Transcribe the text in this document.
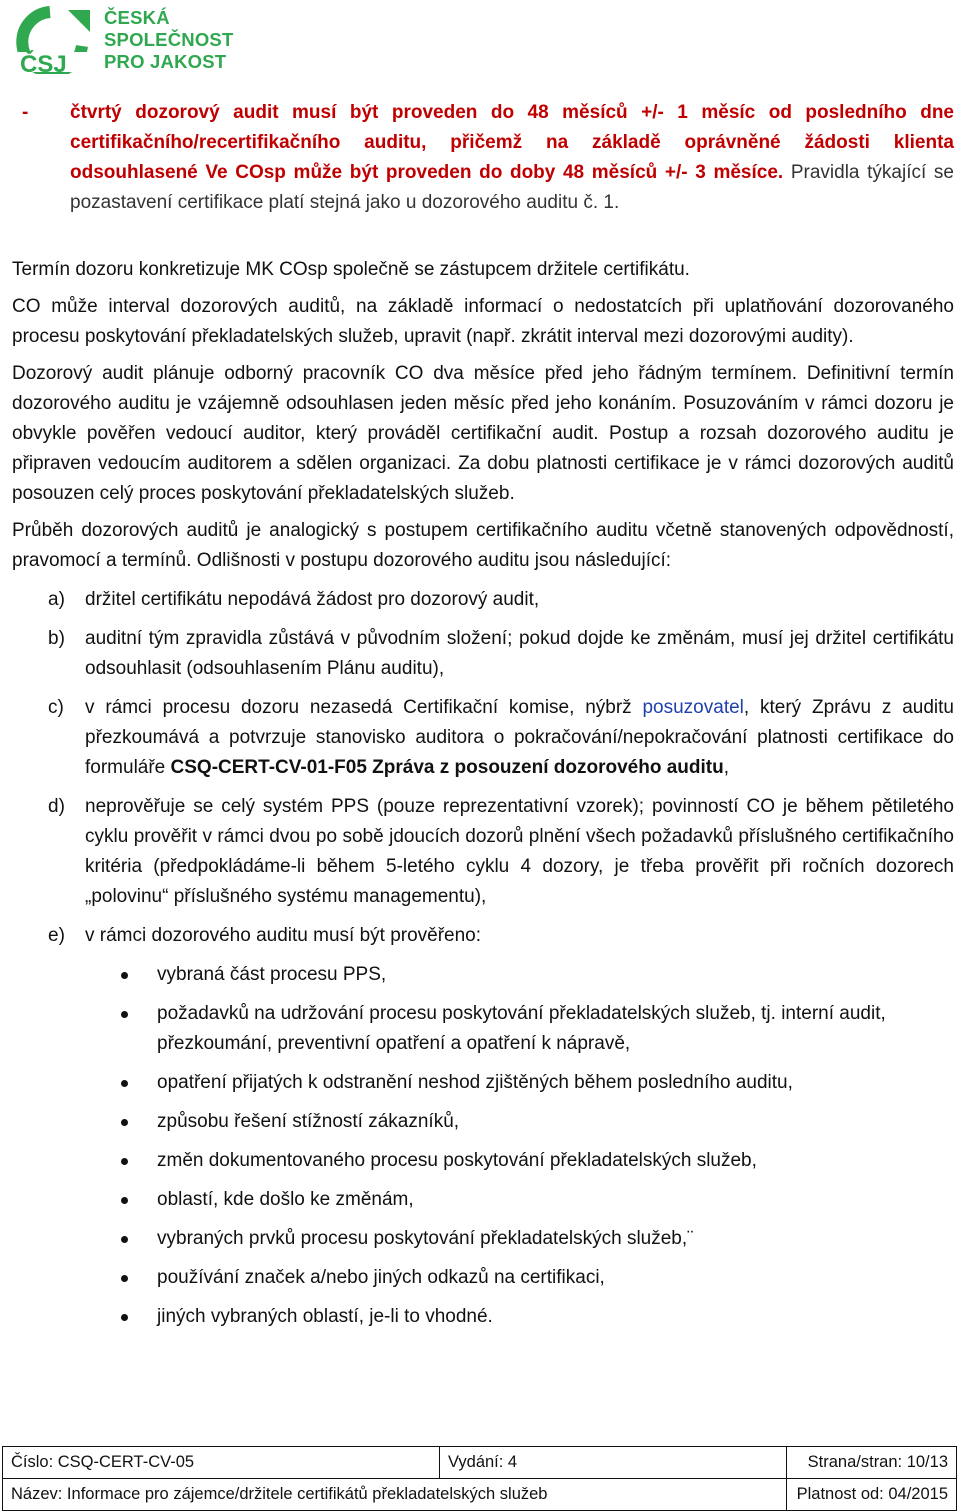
ČSJ
ČESKÁ
SPOLEČNOST
PRO JAKOST
- čtvrtý dozorový audit musí být proveden do 48 měsíců +/- 1 měsíc od posledního dne certifikačního/recertifikačního auditu, přičemž na základě oprávněné žádosti klienta odsouhlasené Ve COsp může být proveden do doby 48 měsíců +/- 3 měsíce. Pravidla týkající se pozastavení certifikace platí stejná jako u dozorového auditu č. 1.

Termín dozoru konkretizuje MK COsp společně se zástupcem držitele certifikátu.

CO může interval dozorových auditů, na základě informací o nedostatcích při uplatňování dozorovaného procesu poskytování překladatelských služeb, upravit (např. zkrátit interval mezi dozorovými audity).

Dozorový audit plánuje odborný pracovník CO dva měsíce před jeho řádným termínem. Definitivní termín dozorového auditu je vzájemně odsouhlasen jeden měsíc před jeho konáním. Posuzováním v rámci dozoru je obvykle pověřen vedoucí auditor, který prováděl certifikační audit. Postup a rozsah dozorového auditu je připraven vedoucím auditorem a sdělen organizaci. Za dobu platnosti certifikace je v rámci dozorových auditů posouzen celý proces poskytování překladatelských služeb.

Průběh dozorových auditů je analogický s postupem certifikačního auditu včetně stanovených odpovědností, pravomocí a termínů. Odlišnosti v postupu dozorového auditu jsou následující:

a) držitel certifikátu nepodává žádost pro dozorový audit,
b) auditní tým zpravidla zůstává v původním složení; pokud dojde ke změnám, musí jej držitel certifikátu odsouhlasit (odsouhlasením Plánu auditu),
c) v rámci procesu dozoru nezasedá Certifikační komise, nýbrž posuzovatel, který Zprávu z auditu přezkoumává a potvrzuje stanovisko auditora o pokračování/nepokračování platnosti certifikace do formuláře CSQ-CERT-CV-01-F05 Zpráva z posouzení dozorového auditu,
d) neprověřuje se celý systém PPS (pouze reprezentativní vzorek); povinností CO je během pětiletého cyklu prověřit v rámci dvou po sobě jdoucích dozorů plnění všech požadavků příslušného certifikačního kritéria (předpokládáme-li během 5-letého cyklu 4 dozory, je třeba prověřit při ročních dozorech „polovinu“ příslušného systému managementu),
e) v rámci dozorového auditu musí být prověřeno:
vybraná část procesu PPS,
požadavků na udržování procesu poskytování překladatelských služeb, tj. interní audit, přezkoumání, preventivní opatření a opatření k nápravě,
opatření přijatých k odstranění neshod zjištěných během posledního auditu,
způsobu řešení stížností zákazníků,
změn dokumentovaného procesu poskytování překladatelských služeb,
oblastí, kde došlo ke změnám,
vybraných prvků procesu poskytování překladatelských služeb,¨
používání značek a/nebo jiných odkazů na certifikaci,
jiných vybraných oblastí, je-li to vhodné.
Číslo: CSQ-CERT-CV-05	Vydání: 4	Strana/stran: 10/13
Název: Informace pro zájemce/držitele certifikátů překladatelských služeb		Platnost od: 04/2015
